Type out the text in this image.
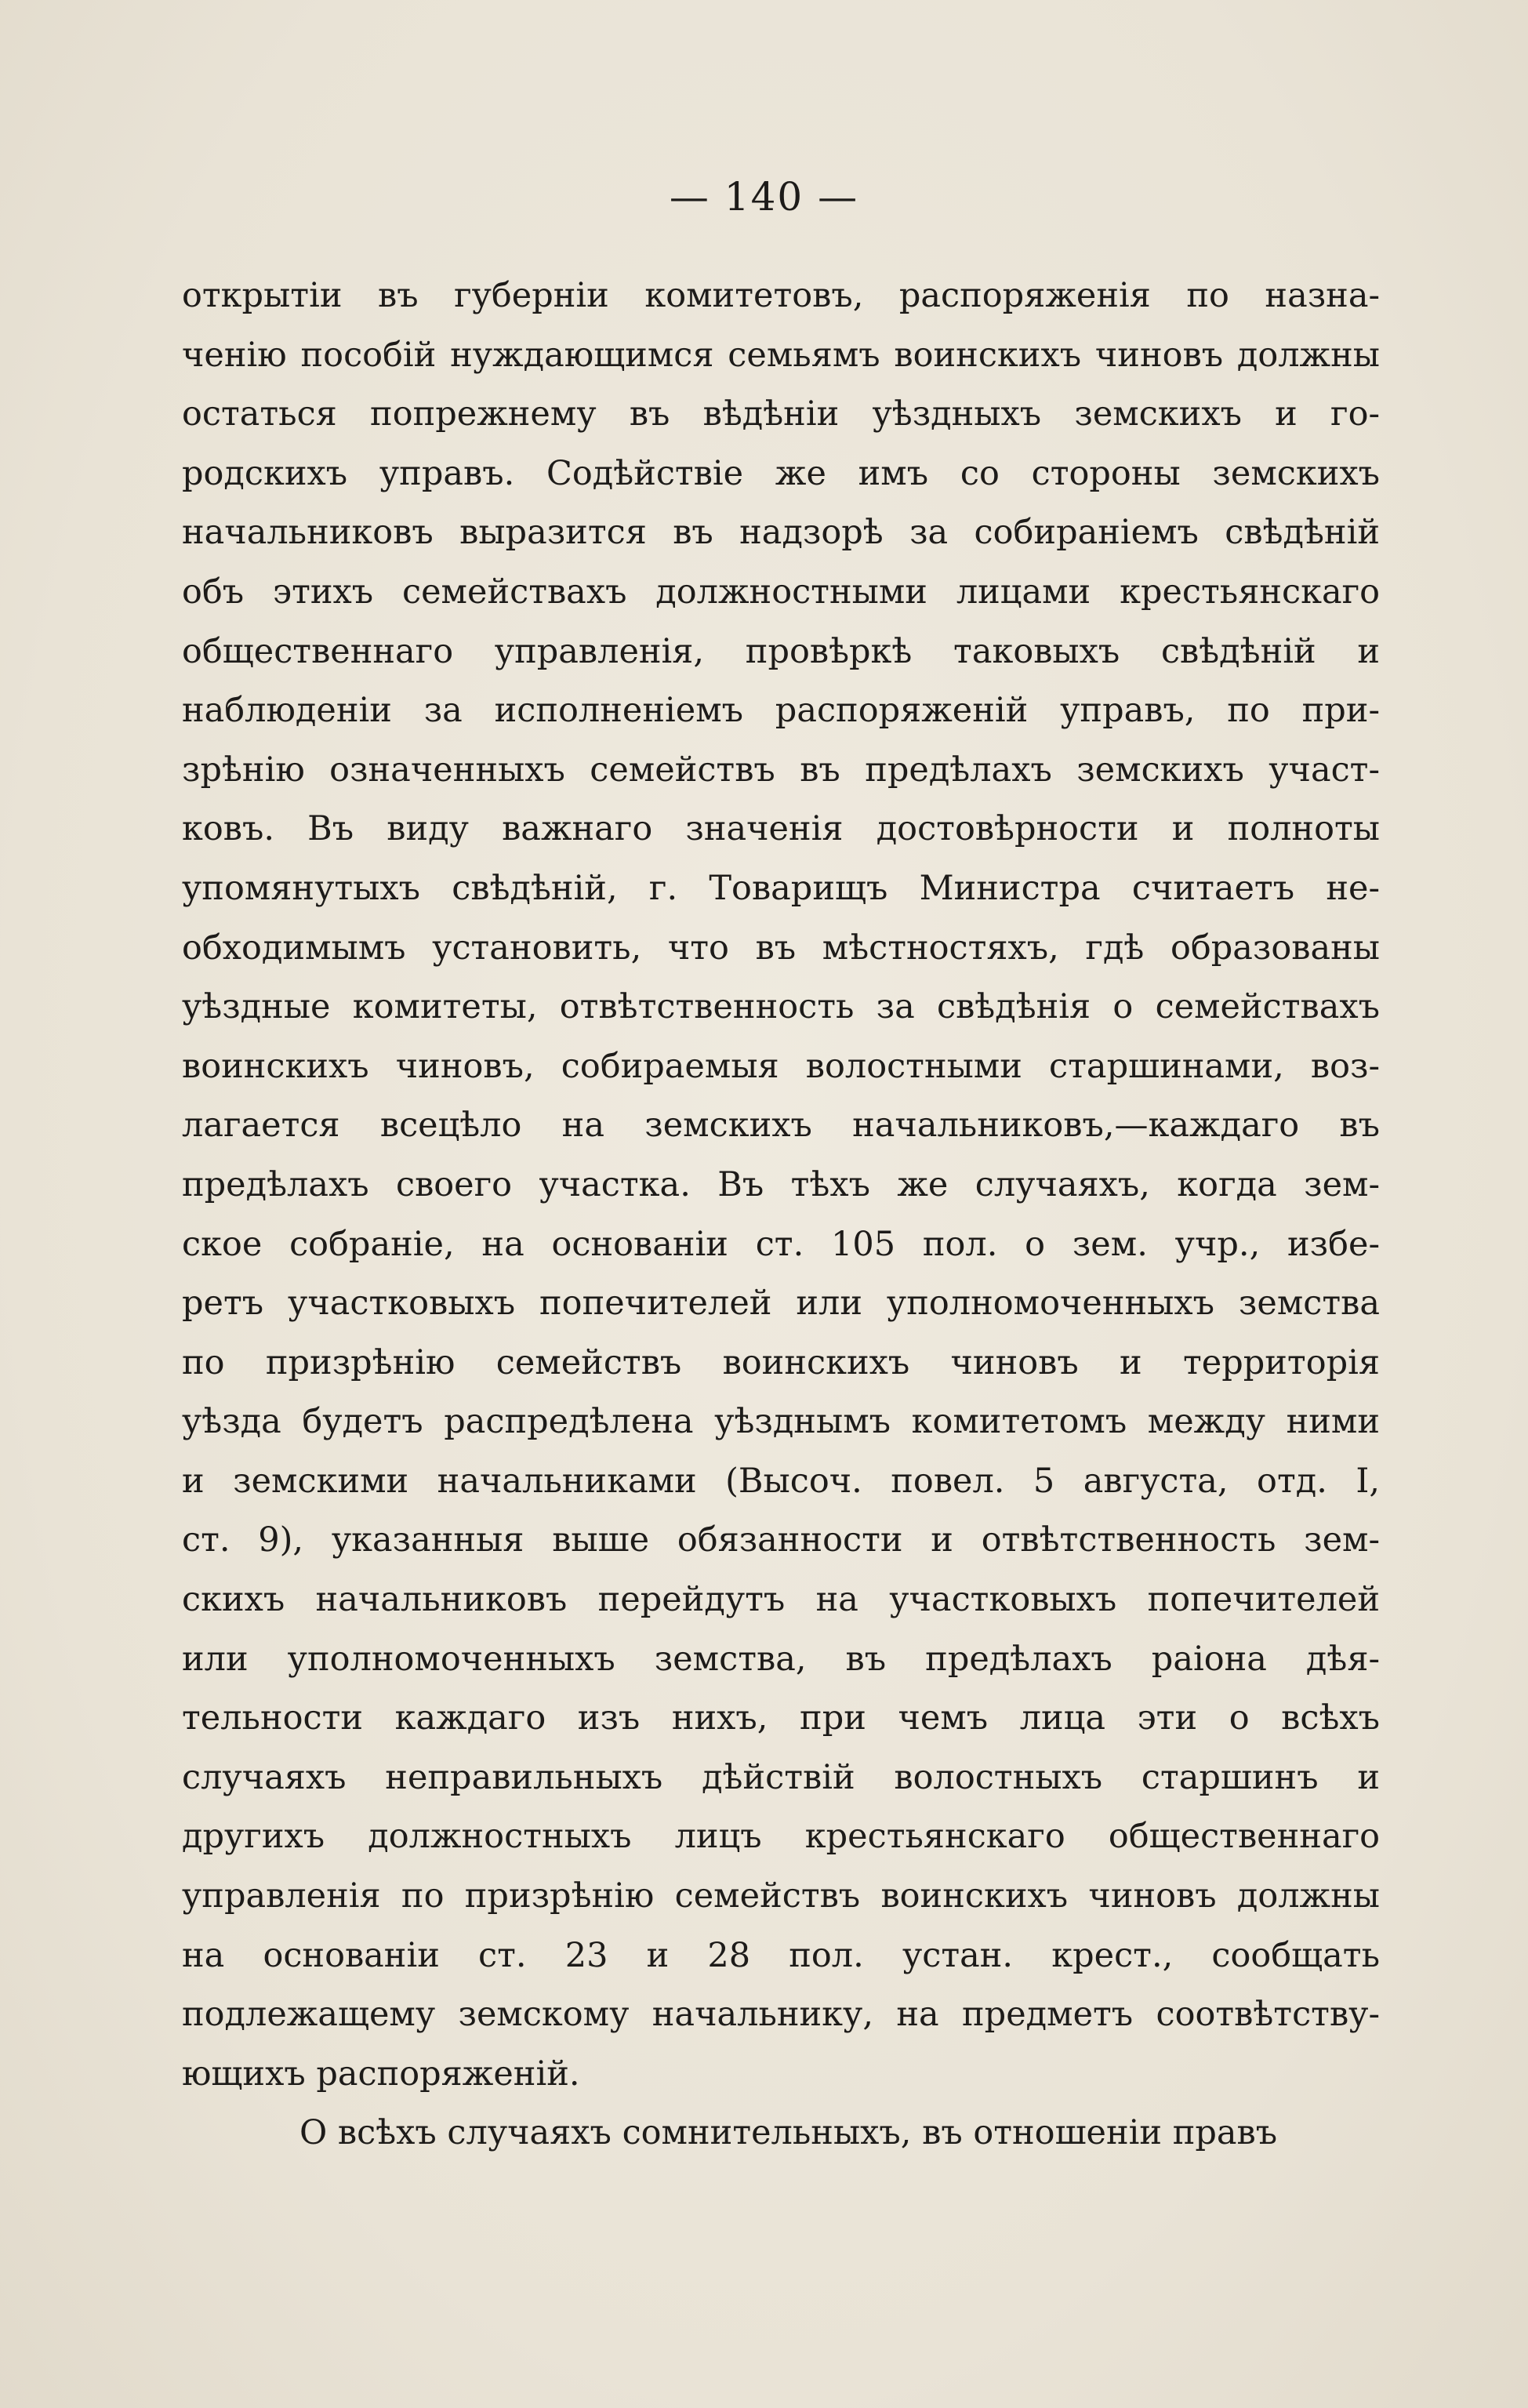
— 140 —
открытіи въ губерніи комитетовъ, распоряженія по назна-
ченію пособій нуждающимся семьямъ воинскихъ чиновъ должны
остаться попрежнему въ вѣдѣніи уѣздныхъ земскихъ и го-
родскихъ управъ. Содѣйствіе же имъ со стороны земскихъ
начальниковъ выразится въ надзорѣ за собираніемъ свѣдѣній
объ этихъ семействахъ должностными лицами крестьянскаго
общественнаго управленія, провѣркѣ таковыхъ свѣдѣній и
наблюденіи за исполненіемъ распоряженій управъ, по при-
зрѣнію означенныхъ семействъ въ предѣлахъ земскихъ участ-
ковъ. Въ виду важнаго значенія достовѣрности и полноты
упомянутыхъ свѣдѣній, г. Товарищъ Министра считаетъ не-
обходимымъ установить, что въ мѣстностяхъ, гдѣ образованы
уѣздные комитеты, отвѣтственность за свѣдѣнія о семействахъ
воинскихъ чиновъ, собираемыя волостными старшинами, воз-
лагается всецѣло на земскихъ начальниковъ,—каждаго въ
предѣлахъ своего участка. Въ тѣхъ же случаяхъ, когда зем-
ское собраніе, на основаніи ст. 105 пол. о зем. учр., избе-
ретъ участковыхъ попечителей или уполномоченныхъ земства
по призрѣнію семействъ воинскихъ чиновъ и территорія
уѣзда будетъ распредѣлена уѣзднымъ комитетомъ между ними
и земскими начальниками (Высоч. повел. 5 августа, отд. I,
ст. 9), указанныя выше обязанности и отвѣтственность зем-
скихъ начальниковъ перейдутъ на участковыхъ попечителей
или уполномоченныхъ земства, въ предѣлахъ раіона дѣя-
тельности каждаго изъ нихъ, при чемъ лица эти о всѣхъ
случаяхъ неправильныхъ дѣйствій волостныхъ старшинъ и
другихъ должностныхъ лицъ крестьянскаго общественнаго
управленія по призрѣнію семействъ воинскихъ чиновъ должны
на основаніи ст. 23 и 28 пол. устан. крест., сообщать
подлежащему земскому начальнику, на предметъ соотвѣтству-
ющихъ распоряженій.
О всѣхъ случаяхъ сомнительныхъ, въ отношеніи правъ
